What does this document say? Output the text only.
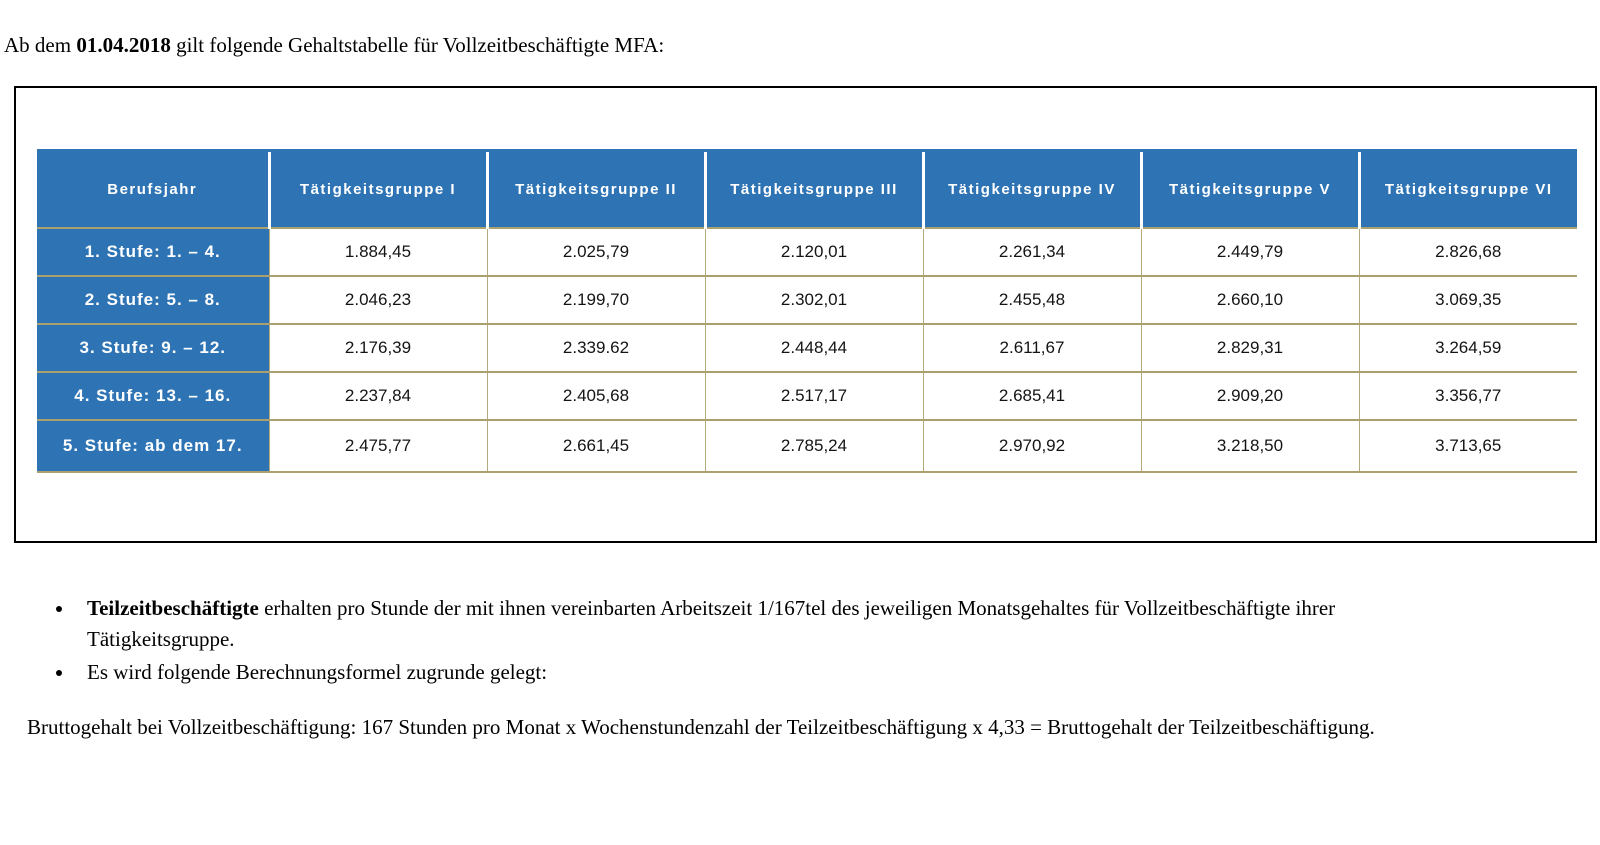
Ab dem 01.04.2018 gilt folgende Gehaltstabelle für Vollzeitbeschäftigte MFA:

Berufsjahr	Tätigkeitsgruppe I	Tätigkeitsgruppe II	Tätigkeitsgruppe III	Tätigkeitsgruppe IV	Tätigkeitsgruppe V	Tätigkeitsgruppe VI
1. Stufe: 1. – 4.	1.884,45	2.025,79	2.120,01	2.261,34	2.449,79	2.826,68
2. Stufe: 5. – 8.	2.046,23	2.199,70	2.302,01	2.455,48	2.660,10	3.069,35
3. Stufe: 9. – 12.	2.176,39	2.339.62	2.448,44	2.611,67	2.829,31	3.264,59
4. Stufe: 13. – 16.	2.237,84	2.405,68	2.517,17	2.685,41	2.909,20	3.356,77
5. Stufe: ab dem 17.	2.475,77	2.661,45	2.785,24	2.970,92	3.218,50	3.713,65
• Teilzeitbeschäftigte erhalten pro Stunde der mit ihnen vereinbarten Arbeitszeit 1/167tel des jeweiligen Monatsgehaltes für Vollzeitbeschäftigte ihrer Tätigkeitsgruppe.
• Es wird folgende Berechnungsformel zugrunde gelegt:

Bruttogehalt bei Vollzeitbeschäftigung: 167 Stunden pro Monat x Wochenstundenzahl der Teilzeitbeschäftigung x 4,33 = Bruttogehalt der Teilzeitbeschäftigung.
